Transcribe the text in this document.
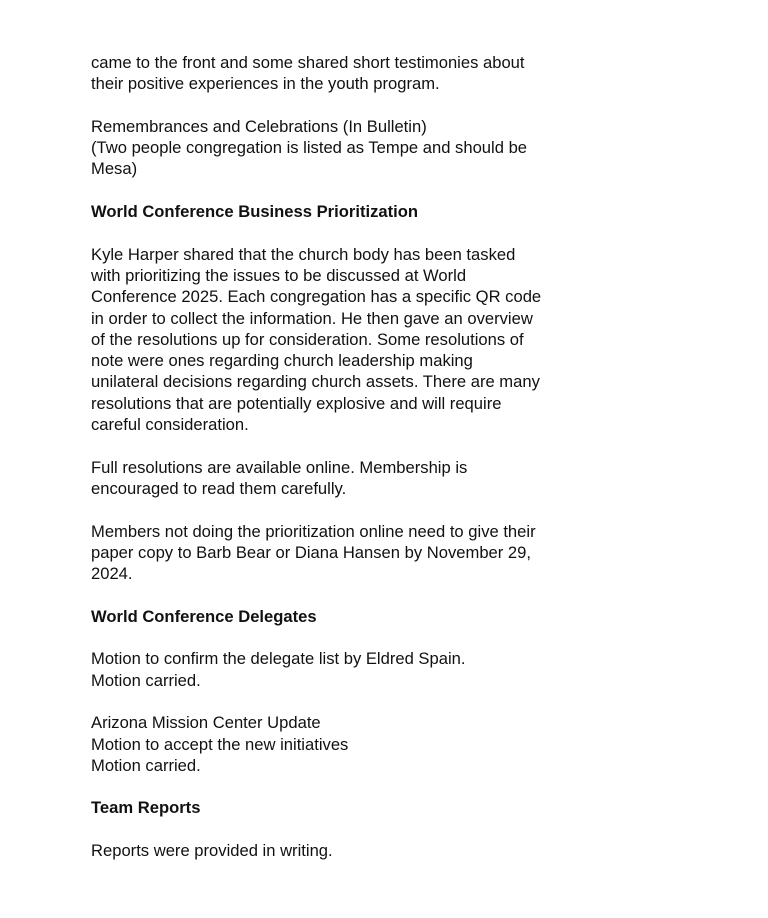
came to the front and some shared short testimonies about
their positive experiences in the youth program.
Remembrances and Celebrations (In Bulletin)
(Two people congregation is listed as Tempe and should be
Mesa)
World Conference Business Prioritization
Kyle Harper shared that the church body has been tasked
with prioritizing the issues to be discussed at World
Conference 2025. Each congregation has a specific QR code
in order to collect the information. He then gave an overview
of the resolutions up for consideration. Some resolutions of
note were ones regarding church leadership making
unilateral decisions regarding church assets. There are many
resolutions that are potentially explosive and will require
careful consideration.
Full resolutions are available online. Membership is
encouraged to read them carefully.
Members not doing the prioritization online need to give their
paper copy to Barb Bear or Diana Hansen by November 29,
2024.
World Conference Delegates
Motion to confirm the delegate list by Eldred Spain.
Motion carried.
Arizona Mission Center Update
Motion to accept the new initiatives
Motion carried.
Team Reports
Reports were provided in writing.
